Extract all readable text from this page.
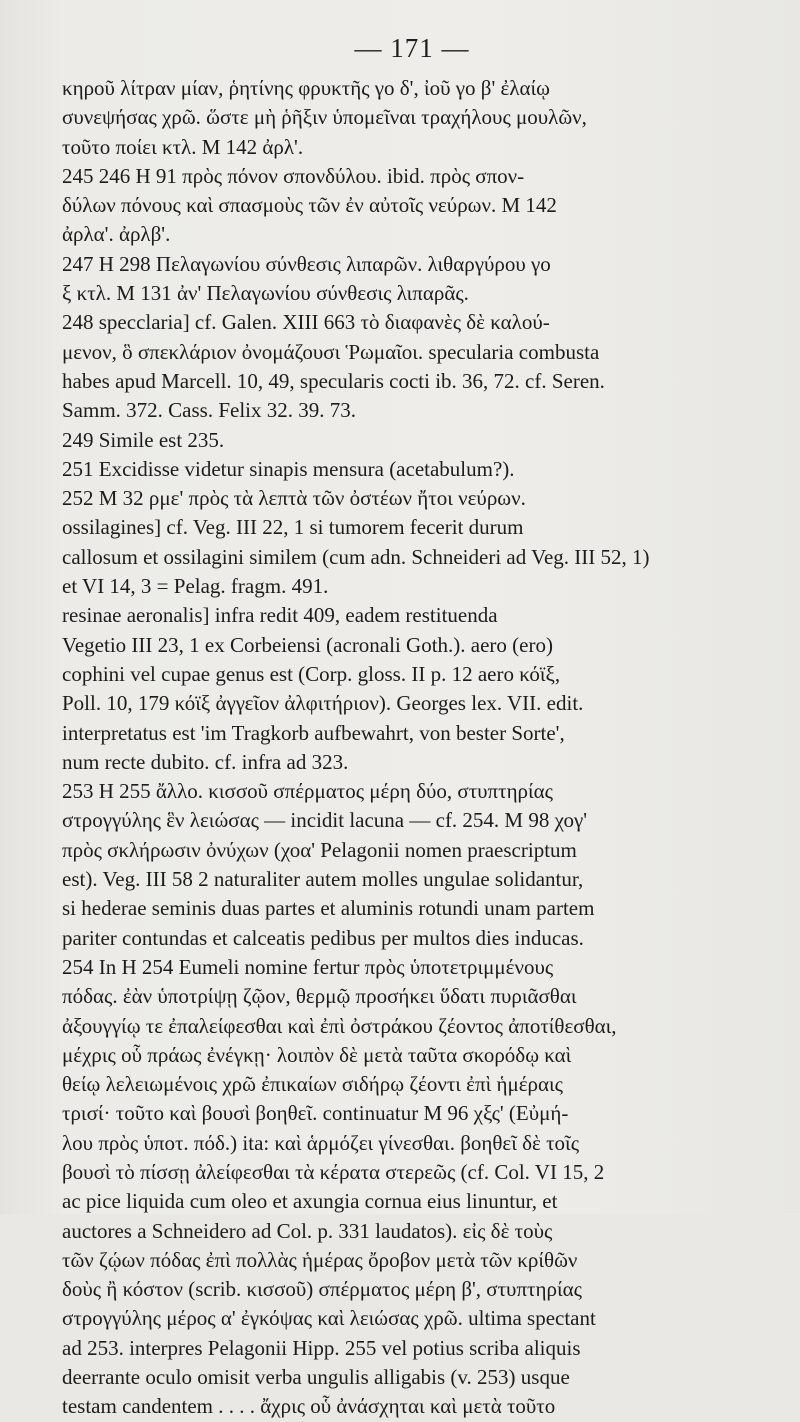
— 171 —
κηροῦ λίτραν μίαν, ῥητίνης φρυκτῆς γο δ', ἰοῦ γο β' ἐλαίῳ
συνεψήσας χρῶ. ὥστε μὴ ῥῆξιν ὑπομεῖναι τραχήλους μουλῶν,
τοῦτο ποίει κτλ. M 142 ἀρλ'.
245 246 H 91 πρὸς πόνον σπονδύλου. ibid. πρὸς σπον-
δύλων πόνους καὶ σπασμοὺς τῶν ἐν αὐτοῖς νεύρων. M 142
ἀρλα'. ἀρλβ'.
247 H 298 Πελαγωνίου σύνθεσις λιπαρῶν. λιθαργύρου γο
ξ κτλ. M 131 ἀν' Πελαγωνίου σύνθεσις λιπαρᾶς.
248 specclaria] cf. Galen. XIII 663 τὸ διαφανὲς δὲ καλού-
μενον, ὃ σπεκλάριον ὀνομάζουσι Ῥωμαῖοι. specularia combusta
habes apud Marcell. 10, 49, specularis cocti ib. 36, 72. cf. Seren.
Samm. 372. Cass. Felix 32. 39. 73.
249 Simile est 235.
251 Excidisse videtur sinapis mensura (acetabulum?).
252 M 32 ρμε' πρὸς τὰ λεπτὰ τῶν ὀστέων ἤτοι νεύρων.
ossilagines] cf. Veg. III 22, 1 si tumorem fecerit durum
callosum et ossilagini similem (cum adn. Schneideri ad Veg. III 52, 1)
et VI 14, 3 = Pelag. fragm. 491.
resinae aeronalis] infra redit 409, eadem restituenda
Vegetio III 23, 1 ex Corbeiensi (acronali Goth.). aero (ero)
cophini vel cupae genus est (Corp. gloss. II p. 12 aero κόϊξ,
Poll. 10, 179 κόϊξ ἀγγεῖον ἀλφιτήριον). Georges lex. VII. edit.
interpretatus est 'im Tragkorb aufbewahrt, von bester Sorte',
num recte dubito. cf. infra ad 323.
253 H 255 ἄλλο. κισσοῦ σπέρματος μέρη δύο, στυπτηρίας
στρογγύλης ἓν λειώσας — incidit lacuna — cf. 254. M 98 χογ'
πρὸς σκλήρωσιν ὀνύχων (χοα' Pelagonii nomen praescriptum
est). Veg. III 58 2 naturaliter autem molles ungulae solidantur,
si hederae seminis duas partes et aluminis rotundi unam partem
pariter contundas et calceatis pedibus per multos dies inducas.
254 In H 254 Eumeli nomine fertur πρὸς ὑποτετριμμένους
πόδας. ἐὰν ὑποτρίψῃ ζῷον, θερμῷ προσήκει ὕδατι πυριᾶσθαι
ἀξουγγίῳ τε ἐπαλείφεσθαι καὶ ἐπὶ ὀστράκου ζέοντος ἀποτίθεσθαι,
μέχρις οὗ πράως ἐνέγκῃ· λοιπὸν δὲ μετὰ ταῦτα σκορόδῳ καὶ
θείῳ λελειωμένοις χρῶ ἐπικαίων σιδήρῳ ζέοντι ἐπὶ ἡμέραις
τρισί· τοῦτο καὶ βουσὶ βοηθεῖ. continuatur M 96 χξς' (Εὐμή-
λου πρὸς ὑποτ. πόδ.) ita: καὶ ἁρμόζει γίνεσθαι. βοηθεῖ δὲ τοῖς
βουσὶ τὸ πίσσῃ ἀλείφεσθαι τὰ κέρατα στερεῶς (cf. Col. VI 15, 2
ac pice liquida cum oleo et axungia cornua eius linuntur, et
auctores a Schneidero ad Col. p. 331 laudatos). εἰς δὲ τοὺς
τῶν ζῴων πόδας ἐπὶ πολλὰς ἡμέρας ὄροβον μετὰ τῶν κρίθῶν
δοὺς ἢ κόστον (scrib. κισσοῦ) σπέρματος μέρη β', στυπτηρίας
στρογγύλης μέρος α' ἐγκόψας καὶ λειώσας χρῶ. ultima spectant
ad 253. interpres Pelagonii Hipp. 255 vel potius scriba aliquis
deerrante oculo omisit verba ungulis alligabis (v. 253) usque
testam candentem . . . . ἄχρις οὗ ἀνάσχηται καὶ μετὰ τοῦτο
